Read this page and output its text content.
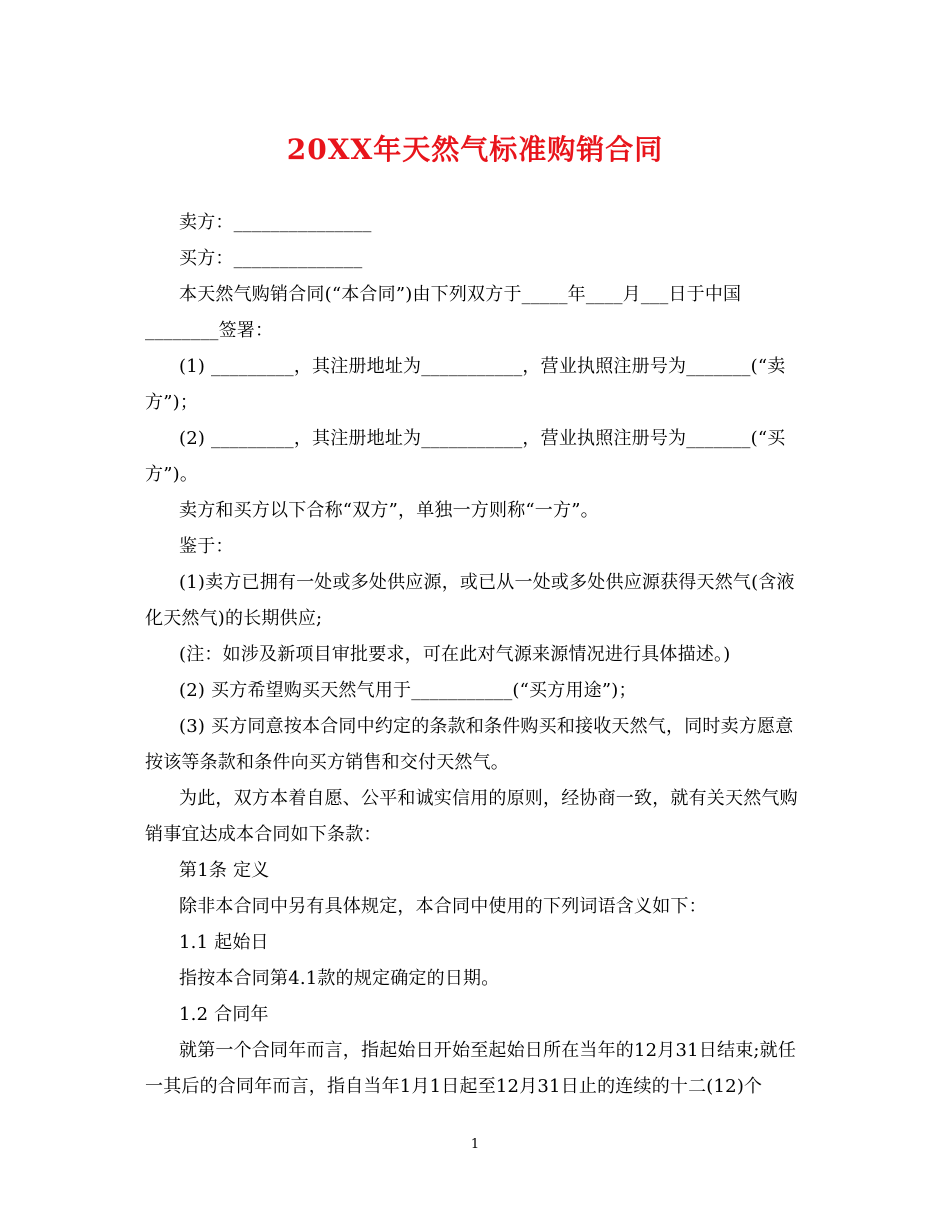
20XX年天然气标准购销合同

卖方：_______________

买方：______________

本天然气购销合同(“本合同”)由下列双方于_____年____月___日于中国________签署：

(1) _________，其注册地址为___________，营业执照注册号为_______(“卖方”)；

(2) _________，其注册地址为___________，营业执照注册号为_______(“买方”)。

卖方和买方以下合称“双方”，单独一方则称“一方”。

鉴于：

(1)卖方已拥有一处或多处供应源，或已从一处或多处供应源获得天然气(含液化天然气)的长期供应;

(注：如涉及新项目审批要求，可在此对气源来源情况进行具体描述。)

(2) 买方希望购买天然气用于___________(“买方用途”)；

(3) 买方同意按本合同中约定的条款和条件购买和接收天然气，同时卖方愿意按该等条款和条件向买方销售和交付天然气。

为此，双方本着自愿、公平和诚实信用的原则，经协商一致，就有关天然气购销事宜达成本合同如下条款：

第1条 定义

除非本合同中另有具体规定，本合同中使用的下列词语含义如下：

1.1 起始日

指按本合同第4.1款的规定确定的日期。

1.2 合同年

就第一个合同年而言，指起始日开始至起始日所在当年的12月31日结束;就任一其后的合同年而言，指自当年1月1日起至12月31日止的连续的十二(12)个

1
